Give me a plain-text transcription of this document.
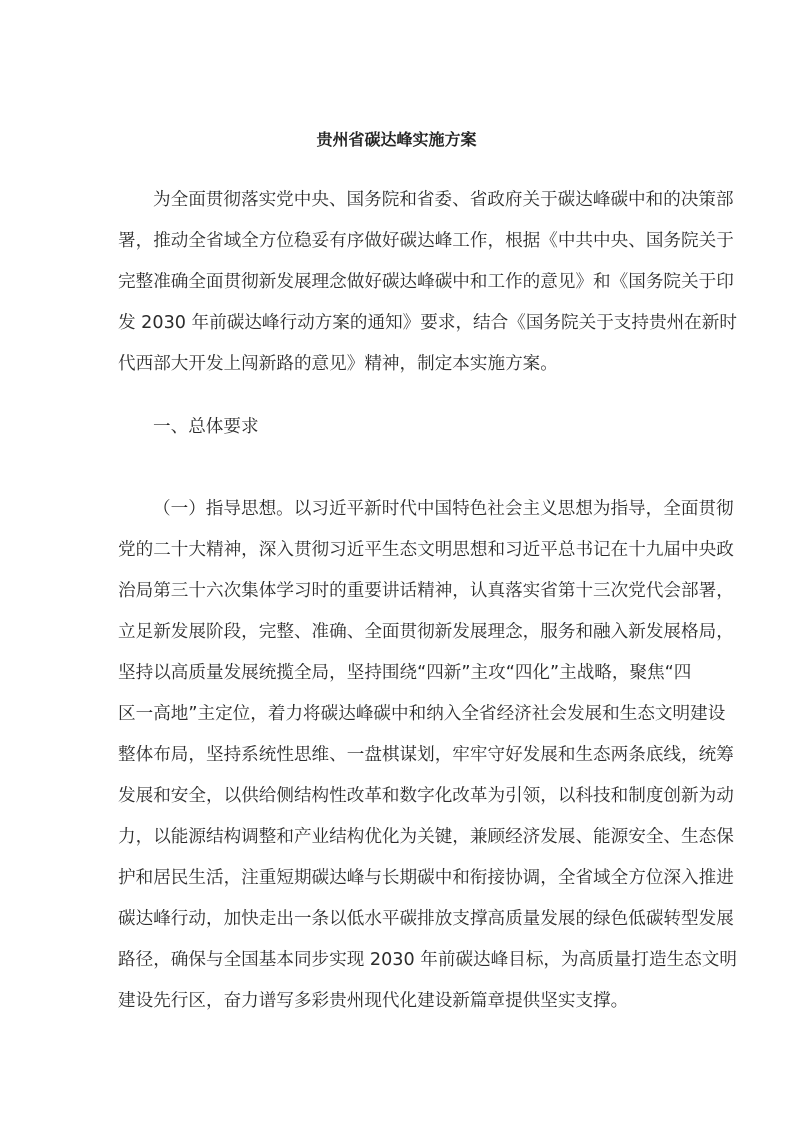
贵州省碳达峰实施方案
为全面贯彻落实党中央、国务院和省委、省政府关于碳达峰碳中和的决策部
署，推动全省域全方位稳妥有序做好碳达峰工作，根据《中共中央、国务院关于
完整准确全面贯彻新发展理念做好碳达峰碳中和工作的意见》和《国务院关于印
发 2030 年前碳达峰行动方案的通知》要求，结合《国务院关于支持贵州在新时
代西部大开发上闯新路的意见》精神，制定本实施方案。
一、总体要求
（一）指导思想。以习近平新时代中国特色社会主义思想为指导，全面贯彻
党的二十大精神，深入贯彻习近平生态文明思想和习近平总书记在十九届中央政
治局第三十六次集体学习时的重要讲话精神，认真落实省第十三次党代会部署，
立足新发展阶段，完整、准确、全面贯彻新发展理念，服务和融入新发展格局，
坚持以高质量发展统揽全局，坚持围绕“四新”主攻“四化”主战略，聚焦“四
区一高地”主定位，着力将碳达峰碳中和纳入全省经济社会发展和生态文明建设
整体布局，坚持系统性思维、一盘棋谋划，牢牢守好发展和生态两条底线，统筹
发展和安全，以供给侧结构性改革和数字化改革为引领，以科技和制度创新为动
力，以能源结构调整和产业结构优化为关键，兼顾经济发展、能源安全、生态保
护和居民生活，注重短期碳达峰与长期碳中和衔接协调，全省域全方位深入推进
碳达峰行动，加快走出一条以低水平碳排放支撑高质量发展的绿色低碳转型发展
路径，确保与全国基本同步实现 2030 年前碳达峰目标，为高质量打造生态文明
建设先行区，奋力谱写多彩贵州现代化建设新篇章提供坚实支撑。
